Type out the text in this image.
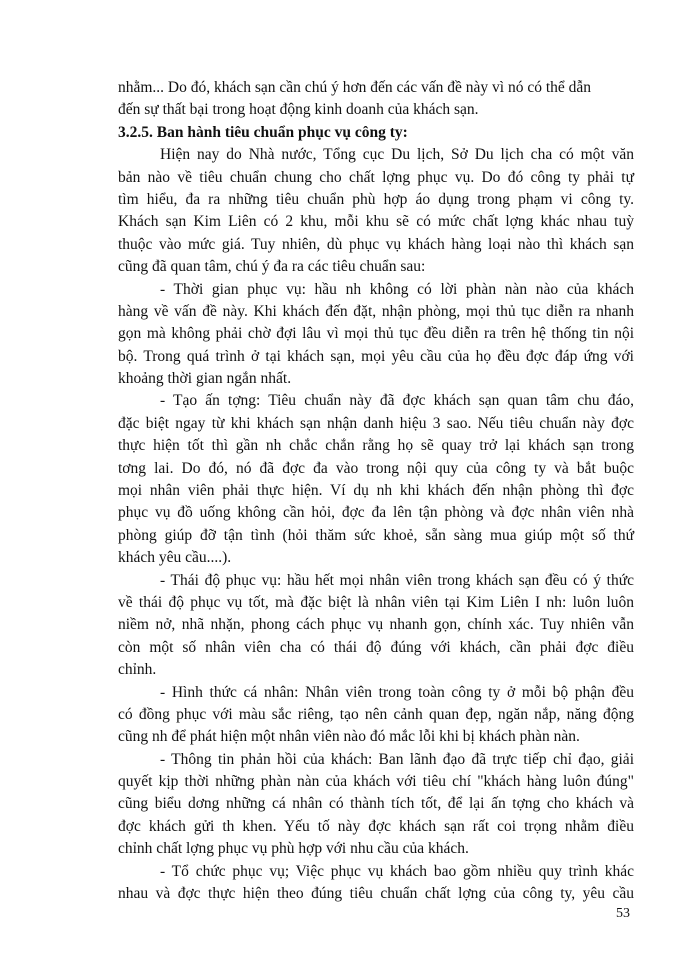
nhằm... Do đó, khách sạn cần chú ý hơn đến các vấn đề này vì nó có thể dẫn
đến sự thất bại trong hoạt động kinh doanh của khách sạn.
3.2.5. Ban hành tiêu chuẩn phục vụ công ty:
Hiện nay do Nhà nước, Tổng cục Du lịch, Sở Du lịch cha có một văn
bản nào về tiêu chuẩn chung cho chất lợng phục vụ. Do đó công ty phải tự
tìm hiểu, đa ra những tiêu chuẩn phù hợp áo dụng trong phạm vi công ty.
Khách sạn Kim Liên có 2 khu, mỗi khu sẽ có mức chất lợng khác nhau tuỳ
thuộc vào mức giá. Tuy nhiên, dù phục vụ khách hàng loại nào thì khách sạn
cũng đã quan tâm, chú ý đa ra các tiêu chuẩn sau:
- Thời gian phục vụ: hầu nh không có lời phàn nàn nào của khách
hàng về vấn đề này. Khi khách đến đặt, nhận phòng, mọi thủ tục diễn ra nhanh
gọn mà không phải chờ đợi lâu vì mọi thủ tục đều diễn ra trên hệ thống tin nội
bộ. Trong quá trình ở tại khách sạn, mọi yêu cầu của họ đều đợc đáp ứng với
khoảng thời gian ngắn nhất.
- Tạo ấn tợng: Tiêu chuẩn này đã đợc khách sạn quan tâm chu đáo,
đặc biệt ngay từ khi khách sạn nhận danh hiệu 3 sao. Nếu tiêu chuẩn này đợc
thực hiện tốt thì gần nh chắc chắn rằng họ sẽ quay trở lại khách sạn trong
tơng lai. Do đó, nó đã đợc đa vào trong nội quy của công ty và bắt buộc
mọi nhân viên phải thực hiện. Ví dụ nh khi khách đến nhận phòng thì đợc
phục vụ đồ uống không cần hỏi, đợc đa lên tận phòng và đợc nhân viên nhà
phòng giúp đỡ tận tình (hỏi thăm sức khoẻ, sẵn sàng mua giúp một số thứ
khách yêu cầu....).
- Thái độ phục vụ: hầu hết mọi nhân viên trong khách sạn đều có ý thức
về thái độ phục vụ tốt, mà đặc biệt là nhân viên tại Kim Liên I nh: luôn luôn
niềm nở, nhã nhặn, phong cách phục vụ nhanh gọn, chính xác. Tuy nhiên vẫn
còn một số nhân viên cha có thái độ đúng với khách, cần phải đợc điều
chỉnh.
- Hình thức cá nhân: Nhân viên trong toàn công ty ở mỗi bộ phận đều
có đồng phục với màu sắc riêng, tạo nên cảnh quan đẹp, ngăn nắp, năng động
cũng nh để phát hiện một nhân viên nào đó mắc lỗi khi bị khách phàn nàn.
- Thông tin phản hồi của khách: Ban lãnh đạo đã trực tiếp chỉ đạo, giải
quyết kịp thời những phàn nàn của khách với tiêu chí "khách hàng luôn đúng"
cũng biểu dơng những cá nhân có thành tích tốt, để lại ấn tợng cho khách và
đợc khách gửi th khen. Yếu tố này đợc khách sạn rất coi trọng nhằm điều
chỉnh chất lợng phục vụ phù hợp với nhu cầu của khách.
- Tổ chức phục vụ; Việc phục vụ khách bao gồm nhiều quy trình khác
nhau và đợc thực hiện theo đúng tiêu chuẩn chất lợng của công ty, yêu cầu
53
